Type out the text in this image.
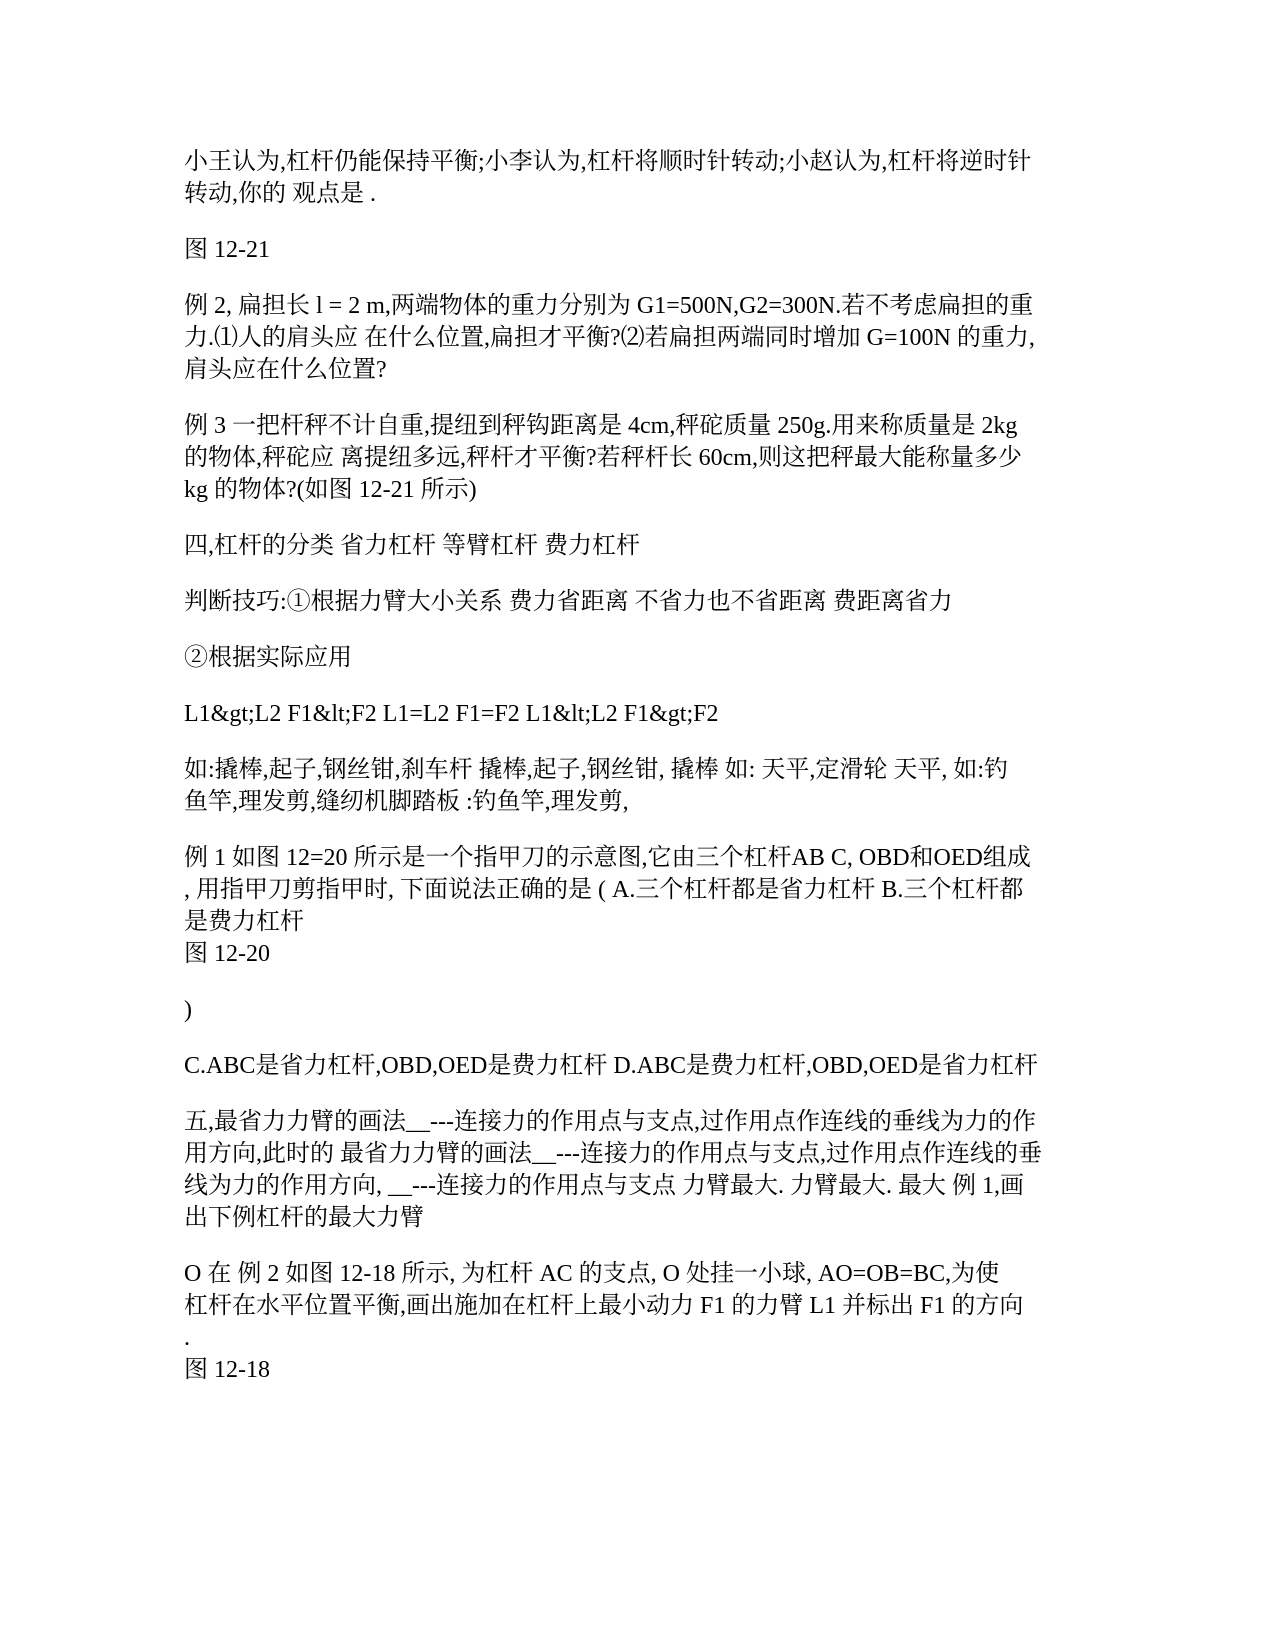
小王认为,杠杆仍能保持平衡;小李认为,杠杆将顺时针转动;小赵认为,杠杆将逆时针
转动,你的 观点是 .

图 12-21

例 2, 扁担长 l = 2 m,两端物体的重力分别为 G1=500N,G2=300N.若不考虑扁担的重
力.⑴人的肩头应 在什么位置,扁担才平衡?⑵若扁担两端同时增加 G=100N 的重力,
肩头应在什么位置?

例 3 一把杆秤不计自重,提纽到秤钩距离是 4cm,秤砣质量 250g.用来称质量是 2kg
的物体,秤砣应 离提纽多远,秤杆才平衡?若秤杆长 60cm,则这把秤最大能称量多少
kg 的物体?(如图 12-21 所示)

四,杠杆的分类 省力杠杆 等臂杠杆 费力杠杆

判断技巧:①根据力臂大小关系 费力省距离 不省力也不省距离 费距离省力

②根据实际应用

L1&gt;L2 F1&lt;F2 L1=L2 F1=F2 L1&lt;L2 F1&gt;F2

如:撬棒,起子,钢丝钳,刹车杆 撬棒,起子,钢丝钳, 撬棒 如: 天平,定滑轮 天平, 如:钓
鱼竿,理发剪,缝纫机脚踏板 :钓鱼竿,理发剪,

例 1 如图 12=20 所示是一个指甲刀的示意图,它由三个杠杆AB C, OBD和OED组成
, 用指甲刀剪指甲时, 下面说法正确的是 ( A.三个杠杆都是省力杠杆 B.三个杠杆都
是费力杠杆
图 12-20

)

C.ABC是省力杠杆,OBD,OED是费力杠杆 D.ABC是费力杠杆,OBD,OED是省力杠杆

五,最省力力臂的画法__---连接力的作用点与支点,过作用点作连线的垂线为力的作
用方向,此时的 最省力力臂的画法__---连接力的作用点与支点,过作用点作连线的垂
线为力的作用方向, __---连接力的作用点与支点 力臂最大. 力臂最大. 最大 例 1,画
出下例杠杆的最大力臂

O 在 例 2 如图 12-18 所示, 为杠杆 AC 的支点, O 处挂一小球, AO=OB=BC,为使
杠杆在水平位置平衡,画出施加在杠杆上最小动力 F1 的力臂 L1 并标出 F1 的方向
.
图 12-18
